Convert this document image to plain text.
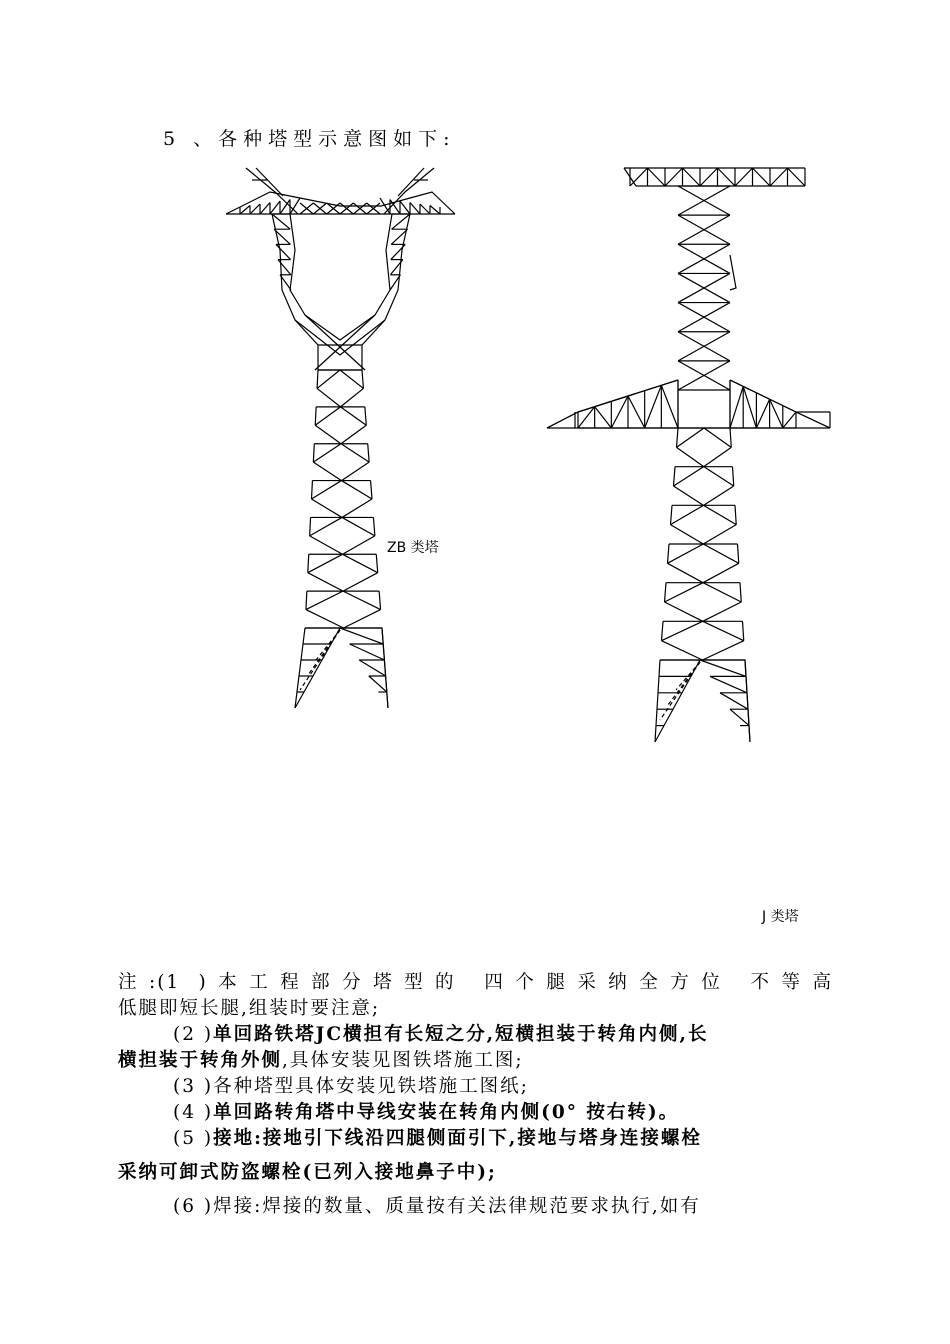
5 、各种塔型示意图如下:
ZB 类塔
J 类塔
注:(1 )本工程部分塔型的 四个腿采纳全方位 不等高
低腿即短长腿,组装时要注意;
(2 )单回路铁塔JC横担有长短之分,短横担装于转角内侧,长
横担装于转角外侧,具体安装见图铁塔施工图;
(3 )各种塔型具体安装见铁塔施工图纸;
(4 )单回路转角塔中导线安装在转角内侧(0° 按右转)。
(5 )接地:接地引下线沿四腿侧面引下,接地与塔身连接螺栓
采纳可卸式防盗螺栓(已列入接地鼻子中);
(6 )焊接:焊接的数量、质量按有关法律规范要求执行,如有
